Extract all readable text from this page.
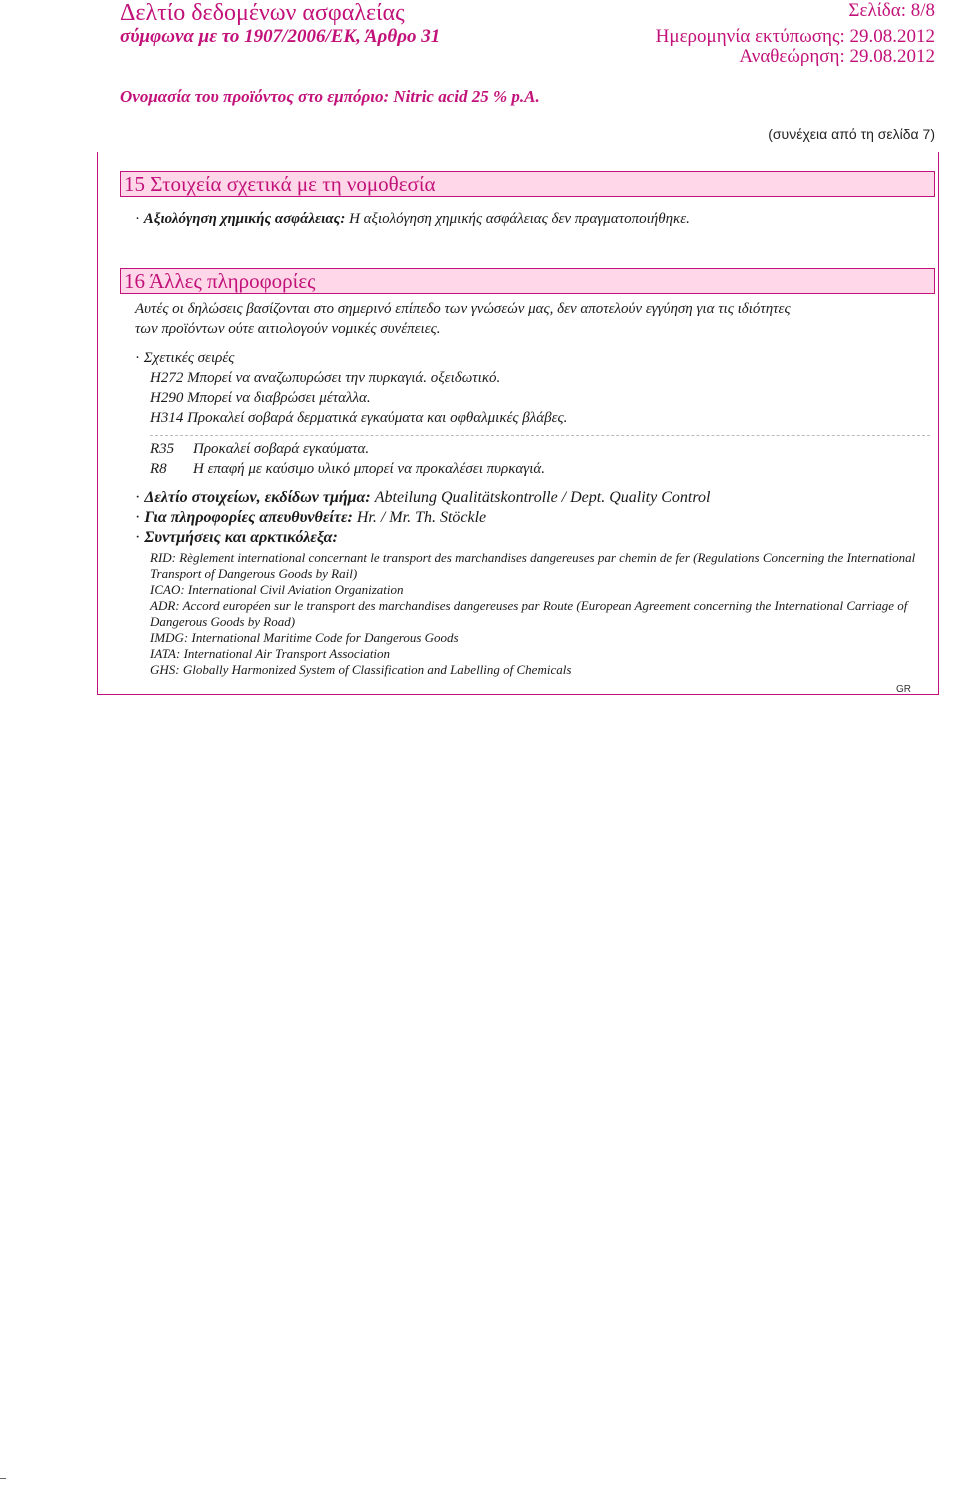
Δελτίο δεδομένων ασφαλείας
σύμφωνα με το 1907/2006/ΕΚ, Άρθρο 31
Σελίδα: 8/8
Ημερομηνία εκτύπωσης: 29.08.2012
Αναθεώρηση: 29.08.2012
Ονομασία του προϊόντος στο εμπόριο: Nitric acid 25 % p.A.
(συνέχεια από τη σελίδα 7)
15 Στοιχεία σχετικά με τη νομοθεσία
· Αξιολόγηση χημικής ασφάλειας: Η αξιολόγηση χημικής ασφάλειας δεν πραγματοποιήθηκε.
16 Άλλες πληροφορίες
Αυτές οι δηλώσεις βασίζονται στο σημερινό επίπεδο των γνώσεών μας, δεν αποτελούν εγγύηση για τις ιδιότητες
των προϊόντων ούτε αιτιολογούν νομικές συνέπειες.
· Σχετικές σειρές
H272 Μπορεί να αναζωπυρώσει την πυρκαγιά. οξειδωτικό.
H290 Μπορεί να διαβρώσει μέταλλα.
H314 Προκαλεί σοβαρά δερματικά εγκαύματα και οφθαλμικές βλάβες.
R35 Προκαλεί σοβαρά εγκαύματα.
R8 Η επαφή με καύσιμο υλικό μπορεί να προκαλέσει πυρκαγιά.
· Δελτίο στοιχείων, εκδίδων τμήμα: Abteilung Qualitätskontrolle / Dept. Quality Control
· Για πληροφορίες απευθυνθείτε: Hr. / Mr. Th. Stöckle
· Συντμήσεις και αρκτικόλεξα:
RID: Règlement international concernant le transport des marchandises dangereuses par chemin de fer (Regulations Concerning the International Transport of Dangerous Goods by Rail)
ICAO: International Civil Aviation Organization
ADR: Accord européen sur le transport des marchandises dangereuses par Route (European Agreement concerning the International Carriage of Dangerous Goods by Road)
IMDG: International Maritime Code for Dangerous Goods
IATA: International Air Transport Association
GHS: Globally Harmonized System of Classification and Labelling of Chemicals
GR
